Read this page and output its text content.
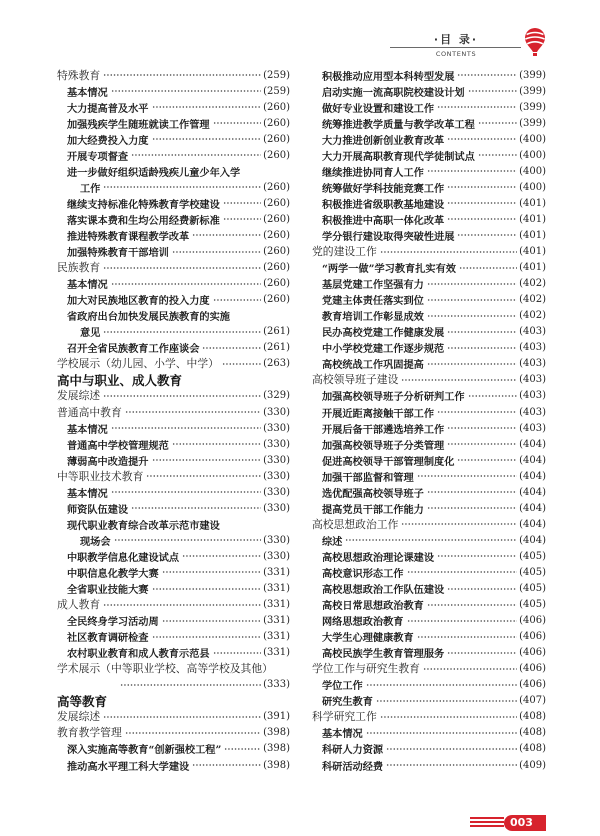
·目 录·
CONTENTS
特殊教育	(259)
基本情况	(259)
大力提高普及水平	(260)
加强残疾学生随班就读工作管理	(260)
加大经费投入力度	(260)
开展专项督查	(260)
进一步做好组织适龄残疾儿童少年入学
工作	(260)
继续支持标准化特殊教育学校建设	(260)
落实课本费和生均公用经费新标准	(260)
推进特殊教育课程教学改革	(260)
加强特殊教育干部培训	(260)
民族教育	(260)
基本情况	(260)
加大对民族地区教育的投入力度	(260)
省政府出台加快发展民族教育的实施
意见	(261)
召开全省民族教育工作座谈会	(261)
学校展示（幼儿园、小学、中学）	(263)
高中与职业、成人教育
发展综述	(329)
普通高中教育	(330)
基本情况	(330)
普通高中学校管理规范	(330)
薄弱高中改造提升	(330)
中等职业技术教育	(330)
基本情况	(330)
师资队伍建设	(330)
现代职业教育综合改革示范市建设
现场会	(330)
中职教学信息化建设试点	(330)
中职信息化教学大赛	(331)
全省职业技能大赛	(331)
成人教育	(331)
全民终身学习活动周	(331)
社区教育调研检查	(331)
农村职业教育和成人教育示范县	(331)
学术展示（中等职业学校、高等学校及其他）
(333)
高等教育
发展综述	(391)
教育教学管理	(398)
深入实施高等教育“创新强校工程”	(398)
推动高水平理工科大学建设	(398)
积极推动应用型本科转型发展	(399)
启动实施一流高职院校建设计划	(399)
做好专业设置和建设工作	(399)
统筹推进教学质量与教学改革工程	(399)
大力推进创新创业教育改革	(400)
大力开展高职教育现代学徒制试点	(400)
继续推进协同育人工作	(400)
统筹做好学科技能竞赛工作	(400)
积极推进省级职教基地建设	(401)
积极推进中高职一体化改革	(401)
学分银行建设取得突破性进展	(401)
党的建设工作	(401)
“两学一做”学习教育扎实有效	(401)
基层党建工作坚强有力	(402)
党建主体责任落实到位	(402)
教育培训工作彰显成效	(402)
民办高校党建工作健康发展	(403)
中小学校党建工作逐步规范	(403)
高校统战工作巩固提高	(403)
高校领导班子建设	(403)
加强高校领导班子分析研判工作	(403)
开展近距离接触干部工作	(403)
开展后备干部遴选培养工作	(403)
加强高校领导班子分类管理	(404)
促进高校领导干部管理制度化	(404)
加强干部监督和管理	(404)
选优配强高校领导班子	(404)
提高党员干部工作能力	(404)
高校思想政治工作	(404)
综述	(404)
高校思想政治理论课建设	(405)
高校意识形态工作	(405)
高校思想政治工作队伍建设	(405)
高校日常思想政治教育	(405)
网络思想政治教育	(406)
大学生心理健康教育	(406)
高校民族学生教育管理服务	(406)
学位工作与研究生教育	(406)
学位工作	(406)
研究生教育	(407)
科学研究工作	(408)
基本情况	(408)
科研人力资源	(408)
科研活动经费	(409)
003
